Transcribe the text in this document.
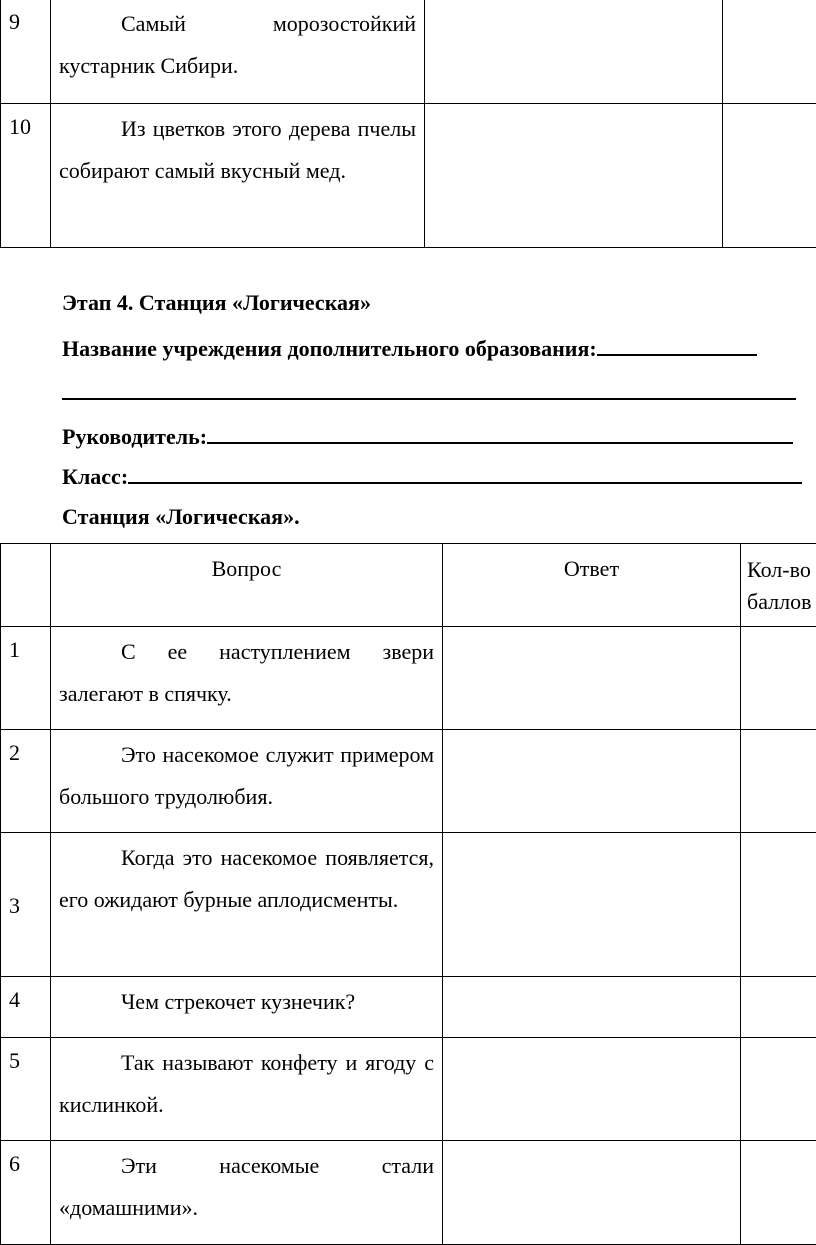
9	Самый морозостойкий кустарник Сибири.		
10	Из цветков этого дерева пчелы собирают самый вкусный мед.		
Этап 4. Станция «Логическая»
Название учреждения дополнительного образования:
Руководитель:
Класс:
Станция «Логическая».
	Вопрос	Ответ	Кол-во баллов
1	С ее наступлением звери залегают в спячку.		
2	Это насекомое служит примером большого трудолюбия.		
3	Когда это насекомое появляется, его ожидают бурные аплодисменты.		
4	Чем стрекочет кузнечик?		
5	Так называют конфету и ягоду с кислинкой.		
6	Эти насекомые стали «домашними».		
